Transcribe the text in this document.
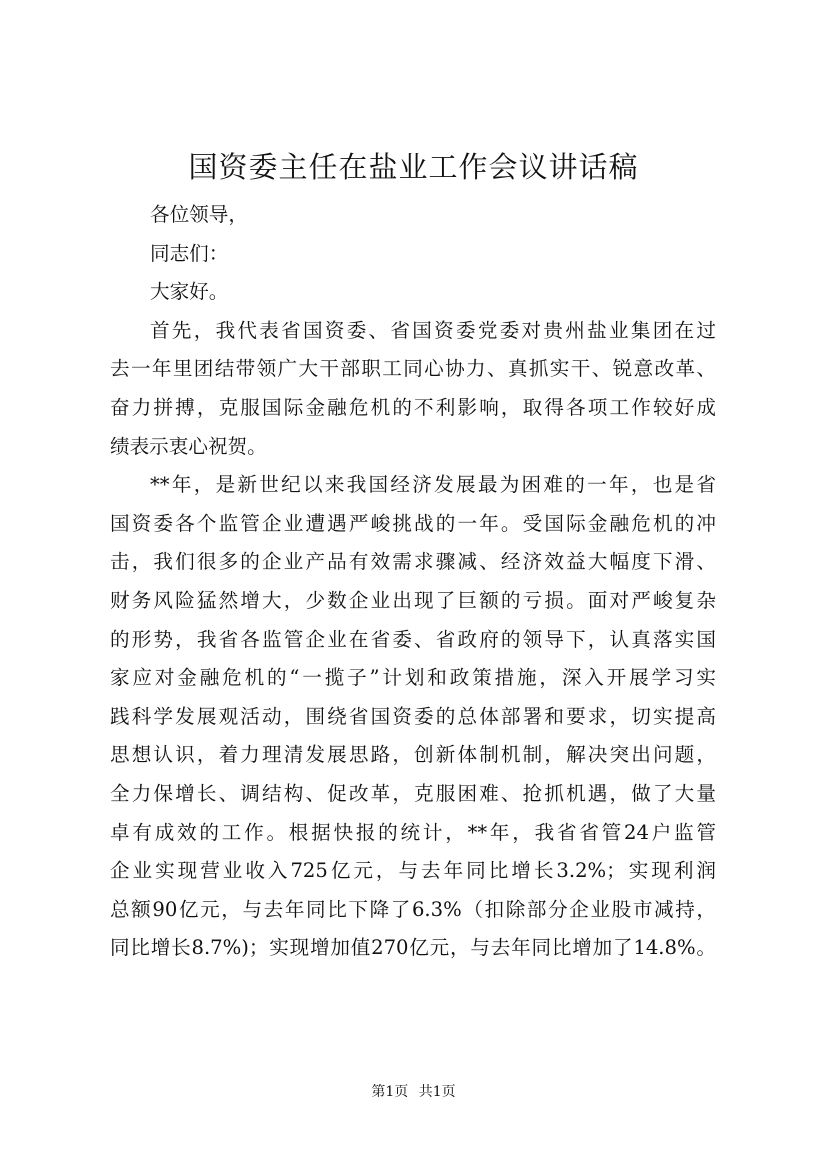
国资委主任在盐业工作会议讲话稿
各位领导，
同志们：
大家好。
首先，我代表省国资委、省国资委党委对贵州盐业集团在过
去一年里团结带领广大干部职工同心协力、真抓实干、锐意改革、
奋力拼搏，克服国际金融危机的不利影响，取得各项工作较好成
绩表示衷心祝贺。
**年，是新世纪以来我国经济发展最为困难的一年，也是省
国资委各个监管企业遭遇严峻挑战的一年。受国际金融危机的冲
击，我们很多的企业产品有效需求骤减、经济效益大幅度下滑、
财务风险猛然增大，少数企业出现了巨额的亏损。面对严峻复杂
的形势，我省各监管企业在省委、省政府的领导下，认真落实国
家应对金融危机的“一揽子”计划和政策措施，深入开展学习实
践科学发展观活动，围绕省国资委的总体部署和要求，切实提高
思想认识，着力理清发展思路，创新体制机制，解决突出问题，
全力保增长、调结构、促改革，克服困难、抢抓机遇，做了大量
卓有成效的工作。根据快报的统计，**年，我省省管24户监管
企业实现营业收入725亿元，与去年同比增长3.2%；实现利润
总额90亿元，与去年同比下降了6.3%（扣除部分企业股市减持，
同比增长8.7%)；实现增加值270亿元，与去年同比增加了14.8%。
第1页 共1页
